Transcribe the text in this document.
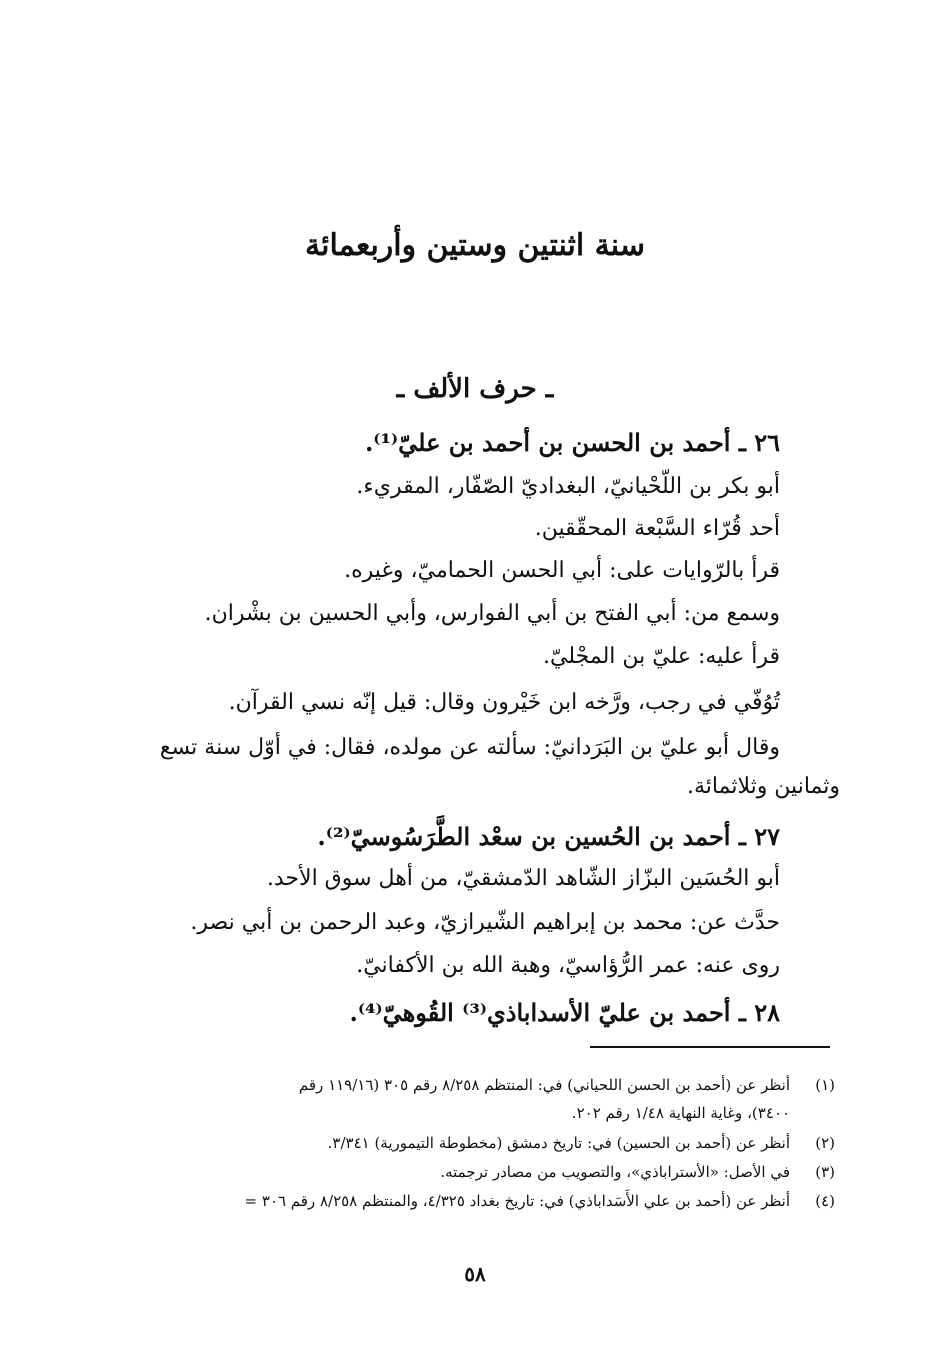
سنة اثنتين وستين وأربعمائة
ـ حرف الألف ـ
٢٦ ـ أحمد بن الحسن بن أحمد بن عليّ⁽¹⁾.
أبو بكر بن اللّحْيانيّ، البغداديّ الصّفّار، المقريء.
أحد قُرّاء السَّبْعة المحقّقين.
قرأ بالرّوايات على: أبي الحسن الحماميّ، وغيره.
وسمع من: أبي الفتح بن أبي الفوارس، وأبي الحسين بن بشْران.
قرأ عليه: عليّ بن المجْليّ.
تُوُفّي في رجب، ورَّخه ابن خَيْرون وقال: قيل إنّه نسي القرآن.
وقال أبو عليّ بن البَرَدانيّ: سألته عن مولده، فقال: في أوّل سنة تسع
وثمانين وثلاثمائة.
٢٧ ـ أحمد بن الحُسين بن سعْد الطَّرَسُوسيّ⁽²⁾.
أبو الحُسَين البزّاز الشّاهد الدّمشقيّ، من أهل سوق الأحد.
حدَّث عن: محمد بن إبراهيم الشّيرازيّ، وعبد الرحمن بن أبي نصر.
روى عنه: عمر الرُّؤاسيّ، وهبة الله بن الأكفانيّ.
٢٨ ـ أحمد بن عليّ الأسداباذي⁽³⁾ القُوهيّ⁽⁴⁾.
(١)
أنظر عن (أحمد بن الحسن اللحياني) في: المنتظم ٨/٢٥٨ رقم ٣٠٥ (١١٩/١٦ رقم
٣٤٠٠)، وغاية النهاية ١/٤٨ رقم ٢٠٢.
(٢)
أنظر عن (أحمد بن الحسين) في: تاريخ دمشق (مخطوطة التيمورية) ٣/٣٤١.
(٣)
في الأصل: «الأستراباذي»، والتصويب من مصادر ترجمته.
(٤)
أنظر عن (أحمد بن علي الأَسَداباذي) في: تاريخ بغداد ٤/٣٢٥، والمنتظم ٨/٢٥٨ رقم ٣٠٦ =
٥٨
